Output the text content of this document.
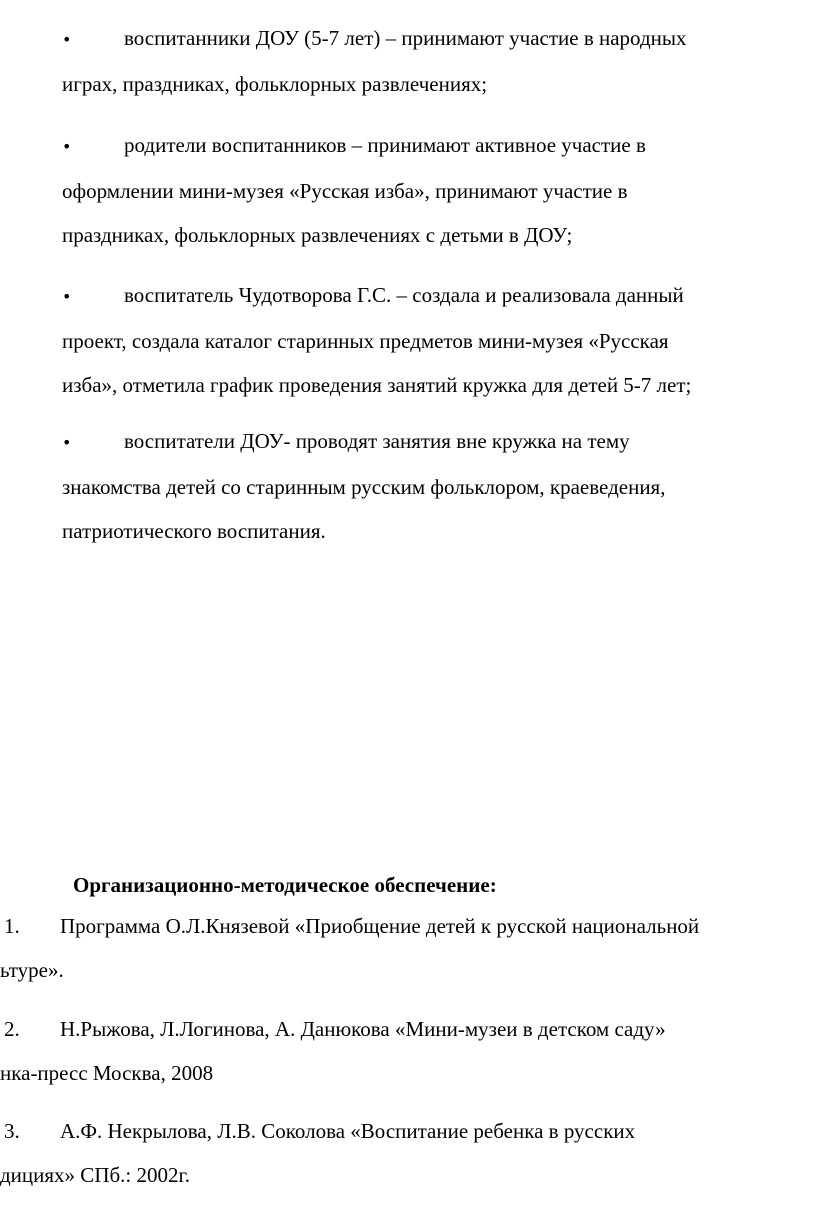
•	воспитанники ДОУ (5-7 лет) – принимают участие в народных
играх, праздниках, фольклорных развлечениях;
•	родители воспитанников – принимают активное участие в
оформлении мини-музея «Русская изба», принимают участие в
праздниках, фольклорных развлечениях с детьми в ДОУ;
•	воспитатель Чудотворова Г.С. – создала и реализовала данный
проект, создала каталог старинных предметов мини-музея «Русская
изба», отметила график проведения занятий кружка для детей 5-7 лет;
•	воспитатели ДОУ- проводят занятия вне кружка на тему
знакомства детей со старинным русским фольклором, краеведения,
патриотического воспитания.
Организационно-методическое обеспечение:
1. Программа О.Л.Князевой «Приобщение детей к русской национальной
ьтуре».
2. Н.Рыжова, Л.Логинова, А. Данюкова «Мини-музеи в детском саду»
нка-пресс Москва, 2008
3. А.Ф. Некрылова, Л.В. Соколова «Воспитание ребенка в русских
дициях» СПб.: 2002г.
